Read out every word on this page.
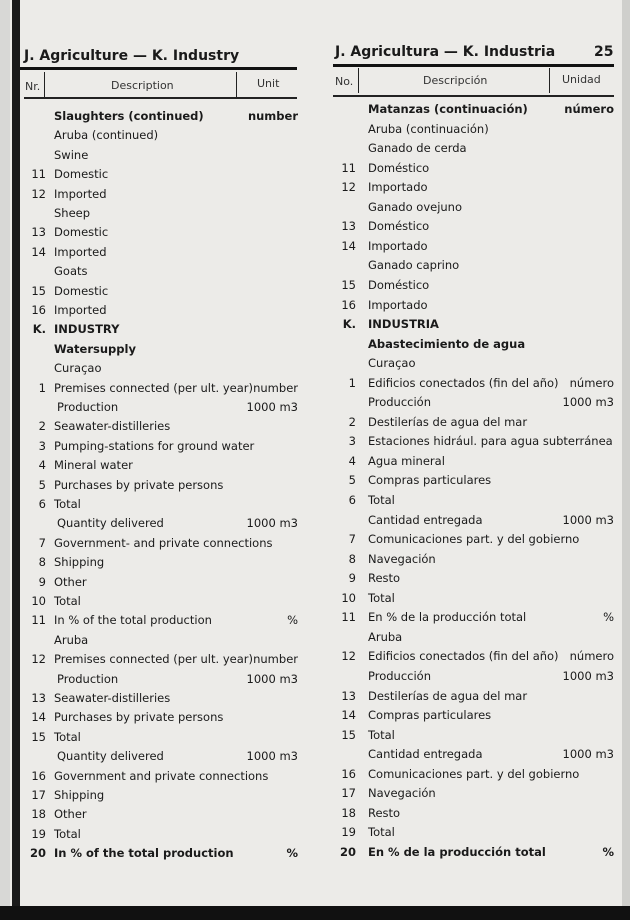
J. Agriculture — K. Industry
Nr.	Description	Unit
Slaughters (continued)	number
Aruba (continued)
Swine
11 Domestic
12 Imported
Sheep
13 Domestic
14 Imported
Goats
15 Domestic
16 Imported
K. INDUSTRY
Watersupply
Curaçao
1 Premises connected (per ult. year) number
Production	1000 m3
2 Seawater-distilleries
3 Pumping-stations for ground water
4 Mineral water
5 Purchases by private persons
6 Total
Quantity delivered	1000 m3
7 Government- and private connections
8 Shipping
9 Other
10 Total
11 In % of the total production	%
Aruba
12 Premises connected (per ult. year) number
Production	1000 m3
13 Seawater-distilleries
14 Purchases by private persons
15 Total
Quantity delivered	1000 m3
16 Government and private connections
17 Shipping
18 Other
19 Total
20 In % of the total production	%
J. Agricultura — K. Industria	25
No.	Descripción	Unidad
Matanzas (continuación)	número
Aruba (continuación)
Ganado de cerda
11 Doméstico
12 Importado
Ganado ovejuno
13 Doméstico
14 Importado
Ganado caprino
15 Doméstico
16 Importado
K. INDUSTRIA
Abastecimiento de agua
Curaçao
1 Edificios conectados (fin del año) número
Producción	1000 m3
2 Destilerías de agua del mar
3 Estaciones hidrául. para agua subterránea
4 Agua mineral
5 Compras particulares
6 Total
Cantidad entregada	1000 m3
7 Comunicaciones part. y del gobierno
8 Navegación
9 Resto
10 Total
11 En % de la producción total	%
Aruba
12 Edificios conectados (fin del año) número
Producción	1000 m3
13 Destilerías de agua del mar
14 Compras particulares
15 Total
Cantidad entregada	1000 m3
16 Comunicaciones part. y del gobierno
17 Navegación
18 Resto
19 Total
20 En % de la producción total	%
